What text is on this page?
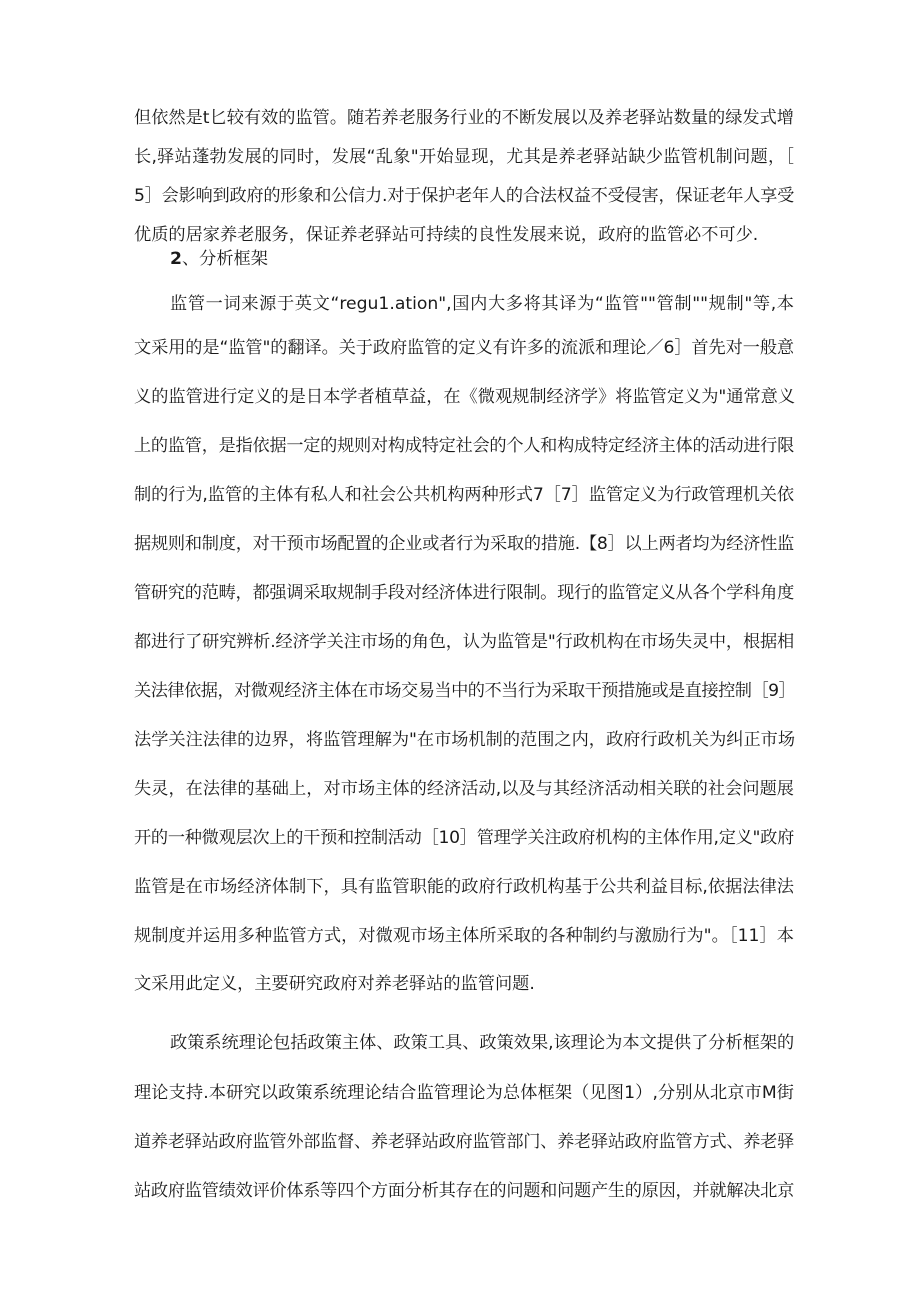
但依然是t匕较有效的监管。随若养老服务行业的不断发展以及养老驿站数量的绿发式增
长,驿站蓬勃发展的同时，发展“乱象"开始显现，尤其是养老驿站缺少监管机制问题，［
5］会影响到政府的形象和公信力.对于保护老年人的合法权益不受侵害，保证老年人享受
优质的居家养老服务，保证养老驿站可持续的良性发展来说，政府的监管必不可少.
2、分析框架
监管一词来源于英文“regu1.ation",国内大多将其译为“监管""管制""规制"等,本
文采用的是“监管"的翻译。关于政府监管的定义有许多的流派和理论／6］首先对一般意
义的监管进行定义的是日本学者植草益，在《微观规制经济学》将监管定义为"通常意义
上的监管，是指依据一定的规则对构成特定社会的个人和构成特定经济主体的活动进行限
制的行为,监管的主体有私人和社会公共机构两种形式7［7］监管定义为行政管理机关依
据规则和制度，对干预市场配置的企业或者行为采取的措施.【8］以上两者均为经济性监
管研究的范畴，都强调采取规制手段对经济体进行限制。现行的监管定义从各个学科角度
都进行了研究辨析.经济学关注市场的角色，认为监管是"行政机构在市场失灵中，根据相
关法律依据，对微观经济主体在市场交易当中的不当行为采取干预措施或是直接控制［9］
法学关注法律的边界，将监管理解为"在市场机制的范围之内，政府行政机关为纠正市场
失灵，在法律的基础上，对市场主体的经济活动,以及与其经济活动相关联的社会问题展
开的一种微观层次上的干预和控制活动［10］管理学关注政府机构的主体作用,定义"政府
监管是在市场经济体制下，具有监管职能的政府行政机构基于公共利益目标,依据法律法
规制度并运用多种监管方式，对微观市场主体所采取的各种制约与激励行为"。［11］本
文采用此定义，主要研究政府对养老驿站的监管问题.
政策系统理论包括政策主体、政策工具、政策效果,该理论为本文提供了分析框架的
理论支持.本研究以政策系统理论结合监管理论为总体框架（见图1）,分别从北京市M街
道养老驿站政府监管外部监督、养老驿站政府监管部门、养老驿站政府监管方式、养老驿
站政府监管绩效评价体系等四个方面分析其存在的问题和问题产生的原因，并就解决北京
